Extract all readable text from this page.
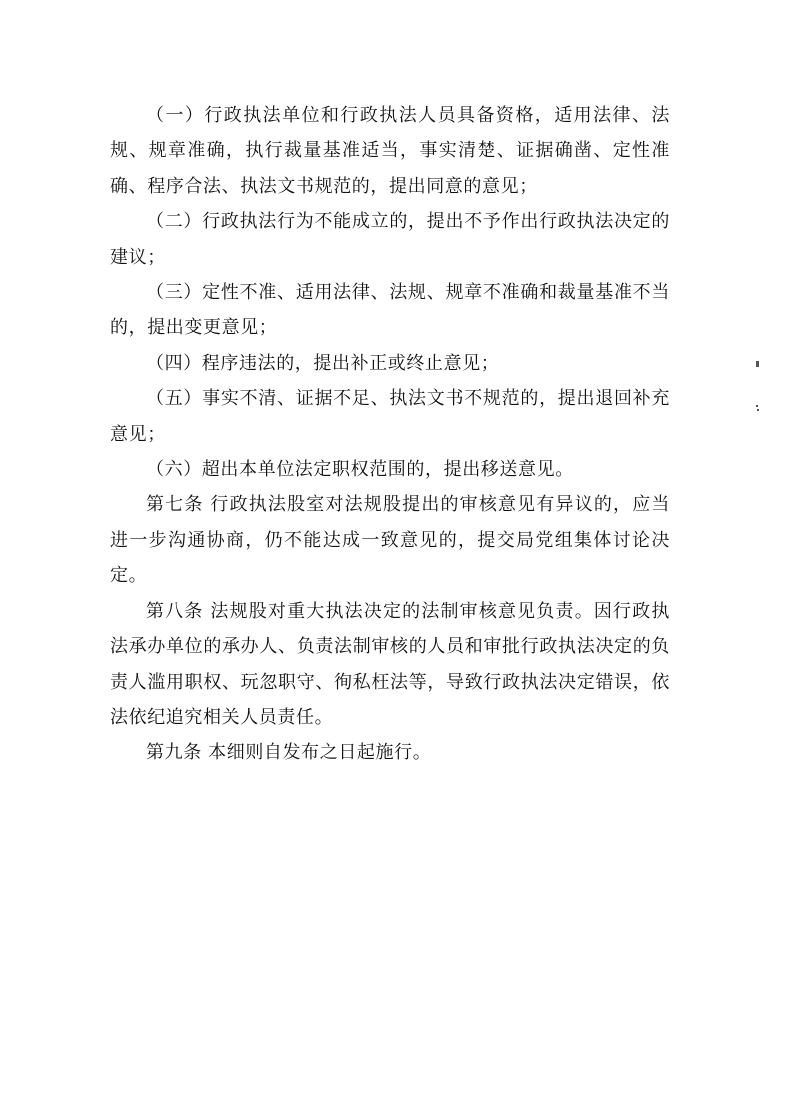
（一）行政执法单位和行政执法人员具备资格，适用法律、法规、规章准确，执行裁量基准适当，事实清楚、证据确凿、定性准确、程序合法、执法文书规范的，提出同意的意见；

（二）行政执法行为不能成立的，提出不予作出行政执法决定的建议；

（三）定性不准、适用法律、法规、规章不准确和裁量基准不当的，提出变更意见；

（四）程序违法的，提出补正或终止意见；

（五）事实不清、证据不足、执法文书不规范的，提出退回补充意见；

（六）超出本单位法定职权范围的，提出移送意见。

第七条 行政执法股室对法规股提出的审核意见有异议的，应当进一步沟通协商，仍不能达成一致意见的，提交局党组集体讨论决定。

第八条 法规股对重大执法决定的法制审核意见负责。因行政执法承办单位的承办人、负责法制审核的人员和审批行政执法决定的负责人滥用职权、玩忽职守、徇私枉法等，导致行政执法决定错误，依法依纪追究相关人员责任。

第九条 本细则自发布之日起施行。
